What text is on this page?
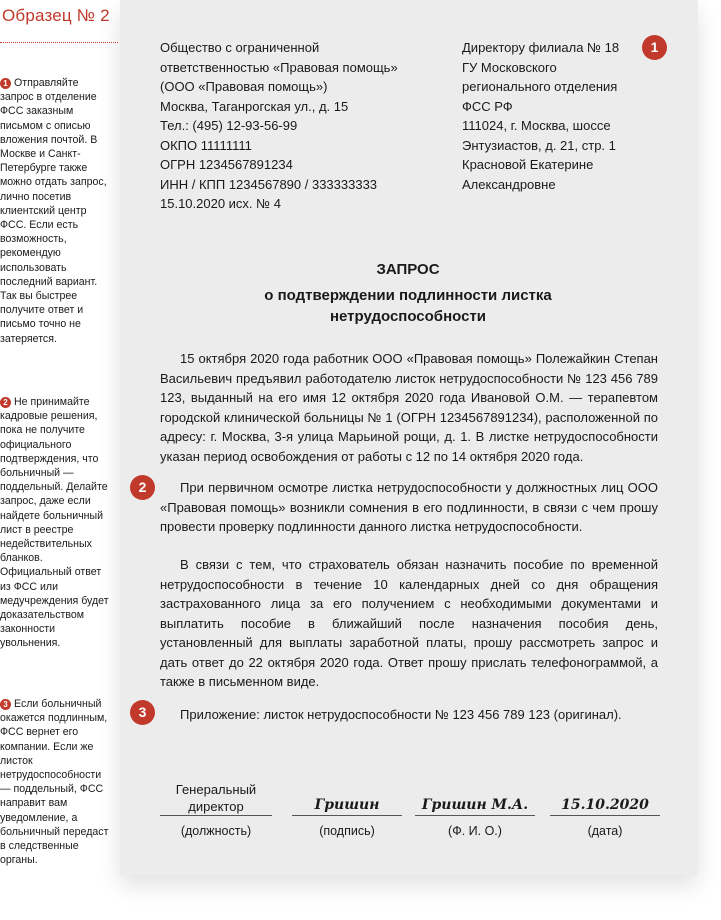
Образец № 2
1 Отправляйте запрос в отделение ФСС заказным письмом с описью вложения почтой. В Москве и Санкт-Петербурге также можно отдать запрос, лично посетив клиентский центр ФСС. Если есть возможность, рекомендую использовать последний вариант. Так вы быстрее получите ответ и письмо точно не затеряется.
2 Не принимайте кадровые решения, пока не получите официального подтверждения, что больничный — поддельный. Делайте запрос, даже если найдете больничный лист в реестре недействительных бланков. Официальный ответ из ФСС или медучреждения будет доказательством законности увольнения.
3 Если больничный окажется подлинным, ФСС вернет его компании. Если же листок нетрудоспособности — поддельный, ФСС направит вам уведомление, а больничный передаст в следственные органы.
Общество с ограниченной
ответственностью «Правовая помощь»
(ООО «Правовая помощь»)
Москва, Таганрогская ул., д. 15
Тел.: (495) 12-93-56-99
ОКПО 11111111
ОГРН 1234567891234
ИНН / КПП 1234567890 / 333333333
15.10.2020 исх. № 4
Директору филиала № 18
ГУ Московского
регионального отделения
ФСС РФ
111024, г. Москва, шоссе
Энтузиастов, д. 21, стр. 1
Красновой Екатерине
Александровне
1
2
3
ЗАПРОС
о подтверждении подлинности листка
нетрудоспособности

15 октября 2020 года работник ООО «Правовая помощь» Полежайкин Степан Васильевич предъявил работодателю листок нетрудоспособности № 123 456 789 123, выданный на его имя 12 октября 2020 года Ивановой О.М. — терапевтом городской клинической больницы № 1 (ОГРН 1234567891234), расположенной по адресу: г. Москва, 3-я улица Марьиной рощи, д. 1. В листке нетрудоспособности указан период освобождения от работы с 12 по 14 октября 2020 года.

При первичном осмотре листка нетрудоспособности у должностных лиц ООО «Правовая помощь» возникли сомнения в его подлинности, в связи с чем прошу провести проверку подлинности данного листка нетрудоспособности.

В связи с тем, что страхователь обязан назначить пособие по временной нетрудоспособности в течение 10 календарных дней со дня обращения застрахованного лица за его получением с необходимыми документами и выплатить пособие в ближайший после назначения пособия день, установленный для выплаты заработной платы, прошу рассмотреть запрос и дать ответ до 22 октября 2020 года. Ответ прошу прислать телефонограммой, а также в письменном виде.

Приложение: листок нетрудоспособности № 123 456 789 123 (оригинал).

Генеральный
директор	Гришин	Гришин М.А.	15.10.2020
(должность)	(подпись)	(Ф. И. О.)	(дата)
